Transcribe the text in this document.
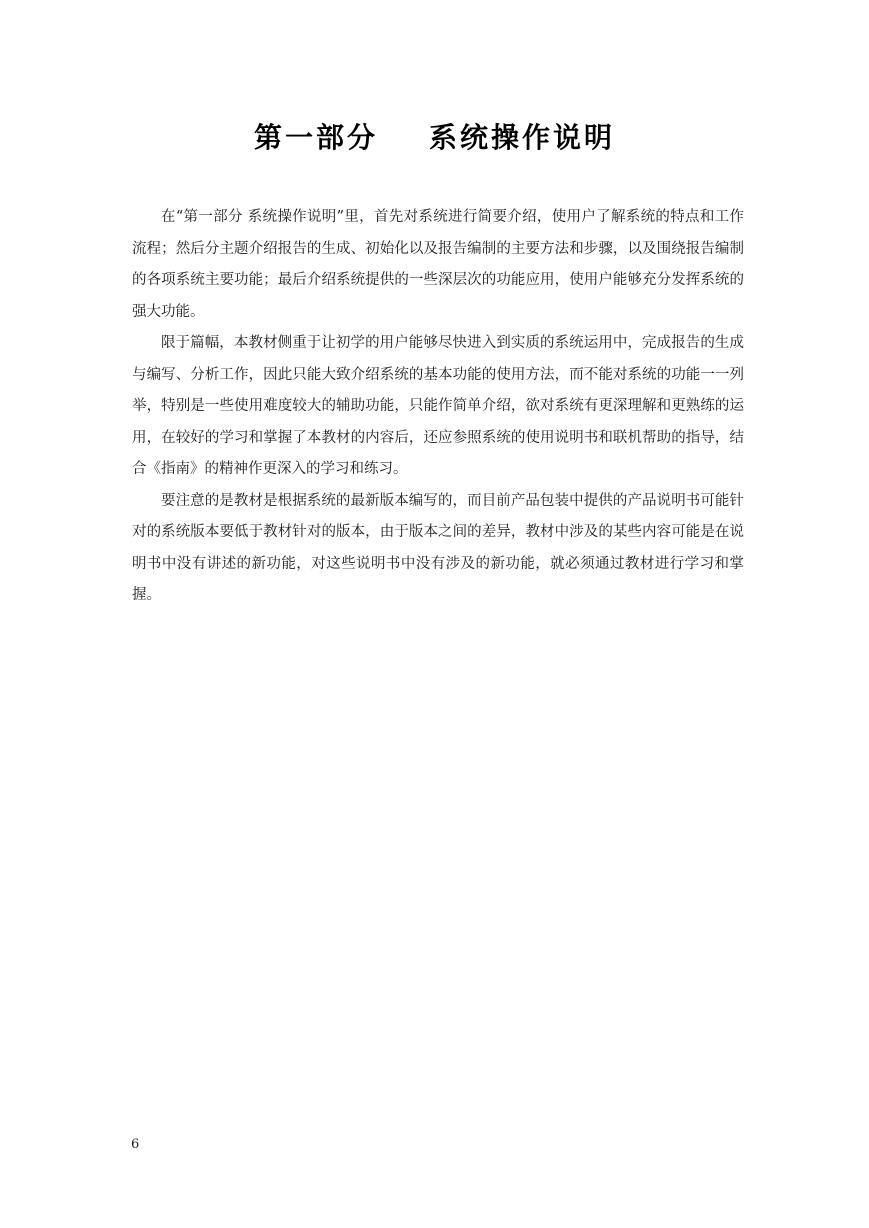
第一部分    系统操作说明

在“第一部分 系统操作说明”里，首先对系统进行简要介绍，使用户了解系统的特点和工作流程；然后分主题介绍报告的生成、初始化以及报告编制的主要方法和步骤，以及围绕报告编制的各项系统主要功能；最后介绍系统提供的一些深层次的功能应用，使用户能够充分发挥系统的强大功能。

限于篇幅，本教材侧重于让初学的用户能够尽快进入到实质的系统运用中，完成报告的生成与编写、分析工作，因此只能大致介绍系统的基本功能的使用方法，而不能对系统的功能一一列举，特别是一些使用难度较大的辅助功能，只能作简单介绍，欲对系统有更深理解和更熟练的运用，在较好的学习和掌握了本教材的内容后，还应参照系统的使用说明书和联机帮助的指导，结合《指南》的精神作更深入的学习和练习。

要注意的是教材是根据系统的最新版本编写的，而目前产品包装中提供的产品说明书可能针对的系统版本要低于教材针对的版本，由于版本之间的差异，教材中涉及的某些内容可能是在说明书中没有讲述的新功能，对这些说明书中没有涉及的新功能，就必须通过教材进行学习和掌握。

6
